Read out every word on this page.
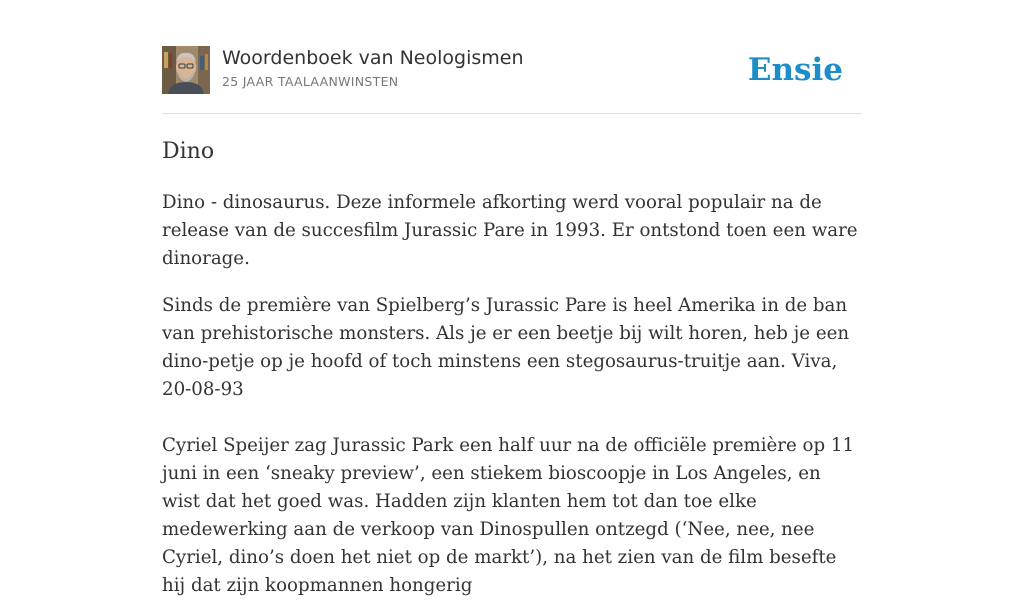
Woordenboek van Neologismen
25 JAAR TAALAANWINSTEN	Ensie
Dino

Dino - dinosaurus. Deze informele afkorting werd vooral populair na de release van de succesfilm Jurassic Pare in 1993. Er ontstond toen een ware dinorage.

Sinds de première van Spielberg’s Jurassic Pare is heel Amerika in de ban van prehistorische monsters. Als je er een beetje bij wilt horen, heb je een dino-petje op je hoofd of toch minstens een stegosaurus-truitje aan. Viva, 20-08-93

Cyriel Speijer zag Jurassic Park een half uur na de officiële première op 11 juni in een ‘sneaky preview’, een stiekem bioscoopje in Los Angeles, en wist dat het goed was. Hadden zijn klanten hem tot dan toe elke medewerking aan de verkoop van Dinospullen ontzegd (‘Nee, nee, nee Cyriel, dino’s doen het niet op de markt’), na het zien van de film besefte hij dat zijn koopmannen hongerig
